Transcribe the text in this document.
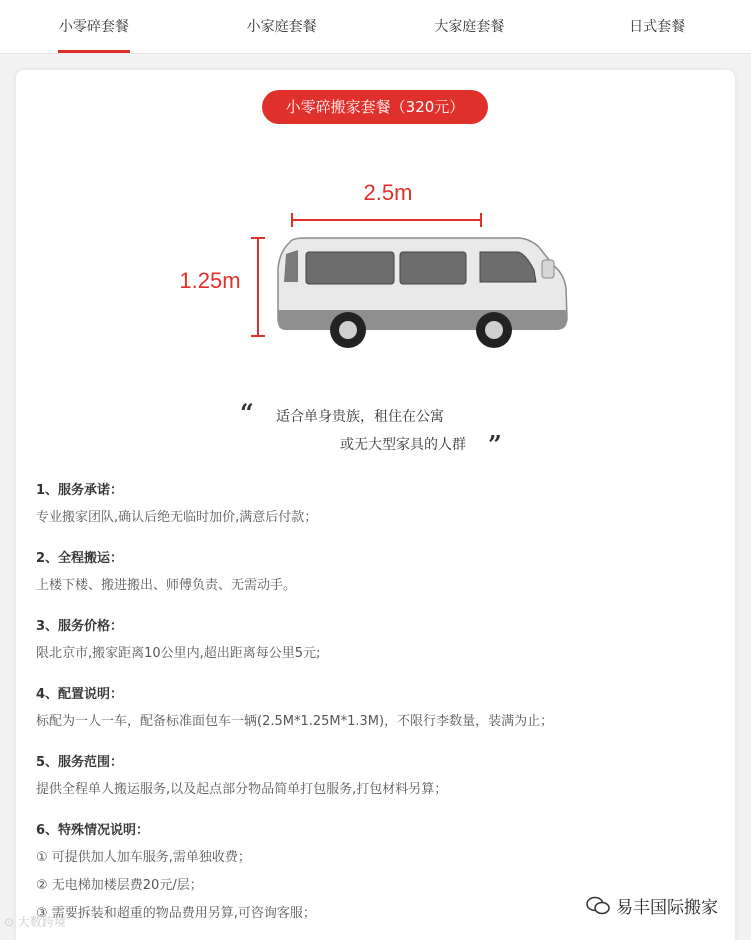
小零碎套餐	小家庭套餐	大家庭套餐	日式套餐
小零碎搬家套餐（320元）
2.5m
1.25m
“ 适合单身贵族，租住在公寓
或无大型家具的人群 ”
1、服务承诺：

专业搬家团队,确认后绝无临时加价,满意后付款；

2、全程搬运：

上楼下楼、搬进搬出、师傅负责、无需动手。

3、服务价格：

限北京市,搬家距离10公里内,超出距离每公里5元;

4、配置说明：

标配为一人一车，配备标准面包车一辆(2.5M*1.25M*1.3M)，不限行李数量，装满为止；

5、服务范围：

提供全程单人搬运服务,以及起点部分物品简单打包服务,打包材料另算；

6、特殊情况说明：

① 可提供加人加车服务,需单独收费；

② 无电梯加楼层费20元/层；

③ 需要拆装和超重的物品费用另算,可咨询客服；

⊙ 大数跨境
易丰国际搬家
